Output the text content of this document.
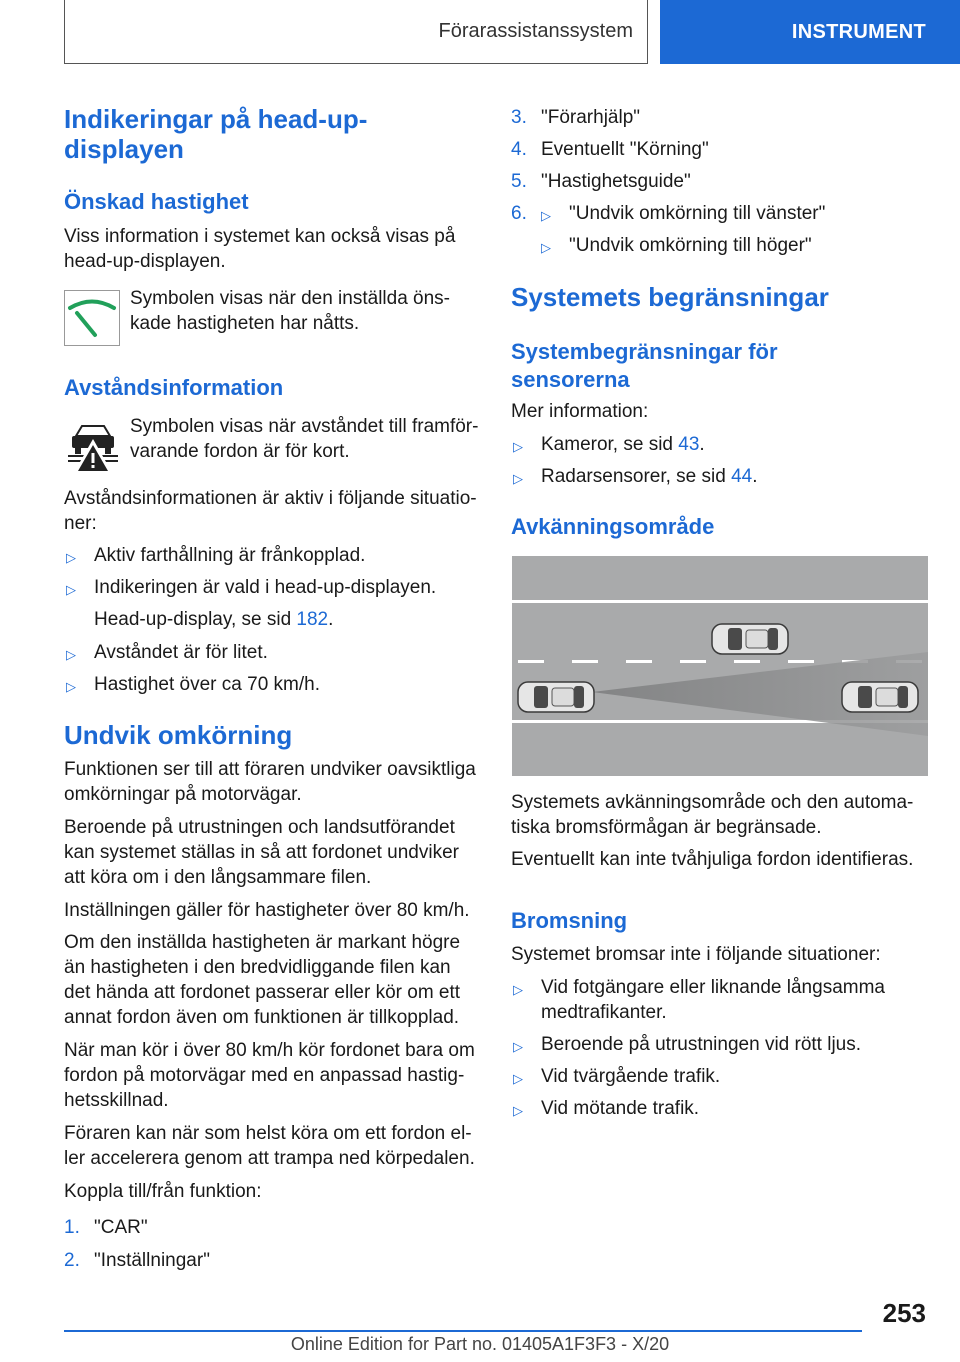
Förarassistanssystem	INSTRUMENT
Indikeringar på head-up-
displayen
Önskad hastighet
Viss information i systemet kan också visas på
head-up-displayen.
Symbolen visas när den inställda öns-
kade hastigheten har nåtts.
Avståndsinformation
Symbolen visas när avståndet till framför-
varande fordon är för kort.
Avståndsinformationen är aktiv i följande situatio-
ner:
▷ Aktiv farthållning är frånkopplad.
▷ Indikeringen är vald i head-up-displayen.
Head-up-display, se sid 182.
▷ Avståndet är för litet.
▷ Hastighet över ca 70 km/h.
Undvik omkörning
Funktionen ser till att föraren undviker oavsiktliga
omkörningar på motorvägar.
Beroende på utrustningen och landsutförandet
kan systemet ställas in så att fordonet undviker
att köra om i den långsammare filen.
Inställningen gäller för hastigheter över 80 km/h.
Om den inställda hastigheten är markant högre
än hastigheten i den bredvidliggande filen kan
det hända att fordonet passerar eller kör om ett
annat fordon även om funktionen är tillkopplad.
När man kör i över 80 km/h kör fordonet bara om
fordon på motorvägar med en anpassad hastig-
hetsskillnad.
Föraren kan när som helst köra om ett fordon el-
ler accelerera genom att trampa ned körpedalen.
Koppla till/från funktion:
1. "CAR"
2. "Inställningar"
3. "Förarhjälp"
4. Eventuellt "Körning"
5. "Hastighetsguide"
6. ▷ "Undvik omkörning till vänster"
▷ "Undvik omkörning till höger"
Systemets begränsningar
Systembegränsningar för
sensorerna
Mer information:
▷ Kameror, se sid 43.
▷ Radarsensorer, se sid 44.
Avkänningsområde
Systemets avkänningsområde och den automa-
tiska bromsförmågan är begränsade.
Eventuellt kan inte tvåhjuliga fordon identifieras.
Bromsning
Systemet bromsar inte i följande situationer:
▷ Vid fotgängare eller liknande långsamma
medtrafikanter.
▷ Beroende på utrustningen vid rött ljus.
▷ Vid tvärgående trafik.
▷ Vid mötande trafik.
253
Online Edition for Part no. 01405A1F3F3 - X/20
